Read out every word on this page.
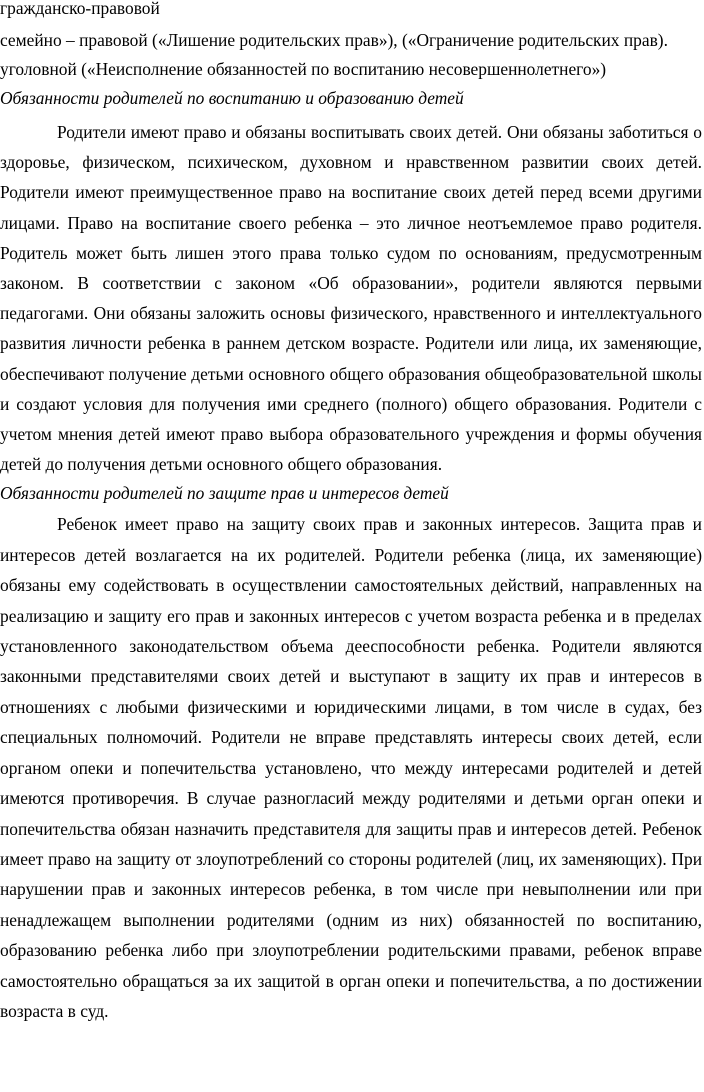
гражданско-правовой

семейно – правовой («Лишение родительских прав»), («Ограничение родительских прав).

уголовной («Неисполнение обязанностей по воспитанию несовершеннолетнего»)

Обязанности родителей по воспитанию и образованию детей

Родители имеют право и обязаны воспитывать своих детей. Они обязаны заботиться о здоровье, физическом, психическом, духовном и нравственном развитии своих детей. Родители имеют преимущественное право на воспитание своих детей перед всеми другими лицами. Право на воспитание своего ребенка – это личное неотъемлемое право родителя. Родитель может быть лишен этого права только судом по основаниям, предусмотренным законом. В соответствии с законом «Об образовании», родители являются первыми педагогами. Они обязаны заложить основы физического, нравственного и интеллектуального развития личности ребенка в раннем детском возрасте. Родители или лица, их заменяющие, обеспечивают получение детьми основного общего образования общеобразовательной школы и создают условия для получения ими среднего (полного) общего образования. Родители с учетом мнения детей имеют право выбора образовательного учреждения и формы обучения детей до получения детьми основного общего образования.

Обязанности родителей по защите прав и интересов детей

Ребенок имеет право на защиту своих прав и законных интересов. Защита прав и интересов детей возлагается на их родителей. Родители ребенка (лица, их заменяющие) обязаны ему содействовать в осуществлении самостоятельных действий, направленных на реализацию и защиту его прав и законных интересов с учетом возраста ребенка и в пределах установленного законодательством объема дееспособности ребенка. Родители являются законными представителями своих детей и выступают в защиту их прав и интересов в отношениях с любыми физическими и юридическими лицами, в том числе в судах, без специальных полномочий. Родители не вправе представлять интересы своих детей, если органом опеки и попечительства установлено, что между интересами родителей и детей имеются противоречия. В случае разногласий между родителями и детьми орган опеки и попечительства обязан назначить представителя для защиты прав и интересов детей. Ребенок имеет право на защиту от злоупотреблений со стороны родителей (лиц, их заменяющих). При нарушении прав и законных интересов ребенка, в том числе при невыполнении или при ненадлежащем выполнении родителями (одним из них) обязанностей по воспитанию, образованию ребенка либо при злоупотреблении родительскими правами, ребенок вправе самостоятельно обращаться за их защитой в орган опеки и попечительства, а по достижении возраста в суд.
